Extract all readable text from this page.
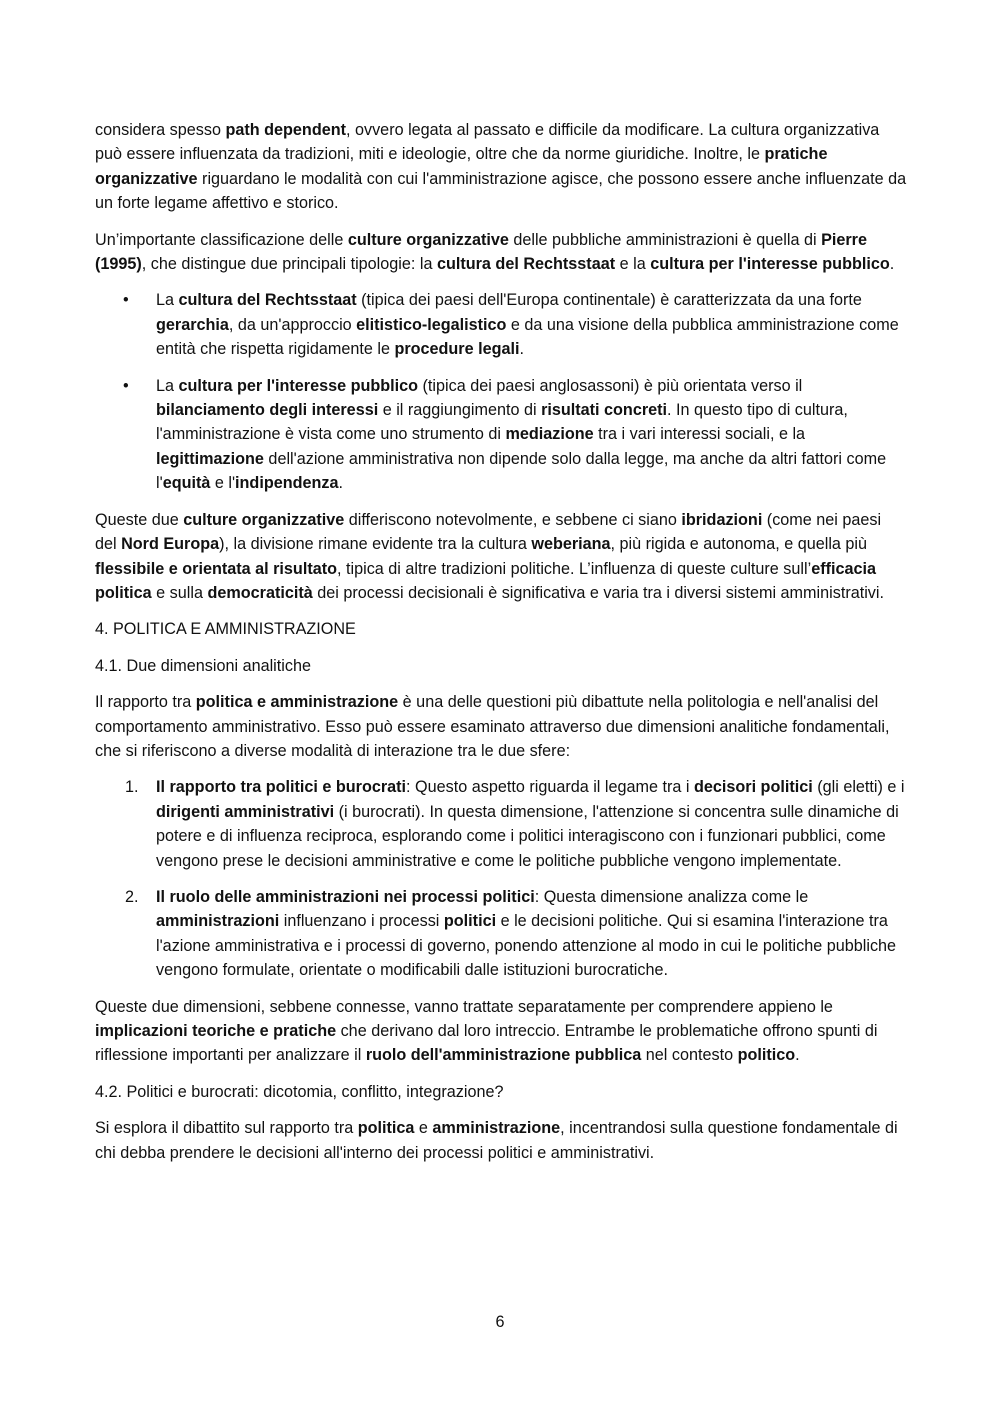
considera spesso path dependent, ovvero legata al passato e difficile da modificare. La cultura organizzativa può essere influenzata da tradizioni, miti e ideologie, oltre che da norme giuridiche. Inoltre, le pratiche organizzative riguardano le modalità con cui l'amministrazione agisce, che possono essere anche influenzate da un forte legame affettivo e storico.

Un’importante classificazione delle culture organizzative delle pubbliche amministrazioni è quella di Pierre (1995), che distingue due principali tipologie: la cultura del Rechtsstaat e la cultura per l'interesse pubblico.

• La cultura del Rechtsstaat (tipica dei paesi dell'Europa continentale) è caratterizzata da una forte gerarchia, da un'approccio elitistico-legalistico e da una visione della pubblica amministrazione come entità che rispetta rigidamente le procedure legali.
• La cultura per l'interesse pubblico (tipica dei paesi anglosassoni) è più orientata verso il bilanciamento degli interessi e il raggiungimento di risultati concreti. In questo tipo di cultura, l'amministrazione è vista come uno strumento di mediazione tra i vari interessi sociali, e la legittimazione dell'azione amministrativa non dipende solo dalla legge, ma anche da altri fattori come l'equità e l'indipendenza.

Queste due culture organizzative differiscono notevolmente, e sebbene ci siano ibridazioni (come nei paesi del Nord Europa), la divisione rimane evidente tra la cultura weberiana, più rigida e autonoma, e quella più flessibile e orientata al risultato, tipica di altre tradizioni politiche. L’influenza di queste culture sull’efficacia politica e sulla democraticità dei processi decisionali è significativa e varia tra i diversi sistemi amministrativi.

4. POLITICA E AMMINISTRAZIONE

4.1. Due dimensioni analitiche

Il rapporto tra politica e amministrazione è una delle questioni più dibattute nella politologia e nell'analisi del comportamento amministrativo. Esso può essere esaminato attraverso due dimensioni analitiche fondamentali, che si riferiscono a diverse modalità di interazione tra le due sfere:

1. Il rapporto tra politici e burocrati: Questo aspetto riguarda il legame tra i decisori politici (gli eletti) e i dirigenti amministrativi (i burocrati). In questa dimensione, l'attenzione si concentra sulle dinamiche di potere e di influenza reciproca, esplorando come i politici interagiscono con i funzionari pubblici, come vengono prese le decisioni amministrative e come le politiche pubbliche vengono implementate.
2. Il ruolo delle amministrazioni nei processi politici: Questa dimensione analizza come le amministrazioni influenzano i processi politici e le decisioni politiche. Qui si esamina l'interazione tra l'azione amministrativa e i processi di governo, ponendo attenzione al modo in cui le politiche pubbliche vengono formulate, orientate o modificabili dalle istituzioni burocratiche.

Queste due dimensioni, sebbene connesse, vanno trattate separatamente per comprendere appieno le implicazioni teoriche e pratiche che derivano dal loro intreccio. Entrambe le problematiche offrono spunti di riflessione importanti per analizzare il ruolo dell'amministrazione pubblica nel contesto politico.

4.2. Politici e burocrati: dicotomia, conflitto, integrazione?

Si esplora il dibattito sul rapporto tra politica e amministrazione, incentrandosi sulla questione fondamentale di chi debba prendere le decisioni all'interno dei processi politici e amministrativi.

6
